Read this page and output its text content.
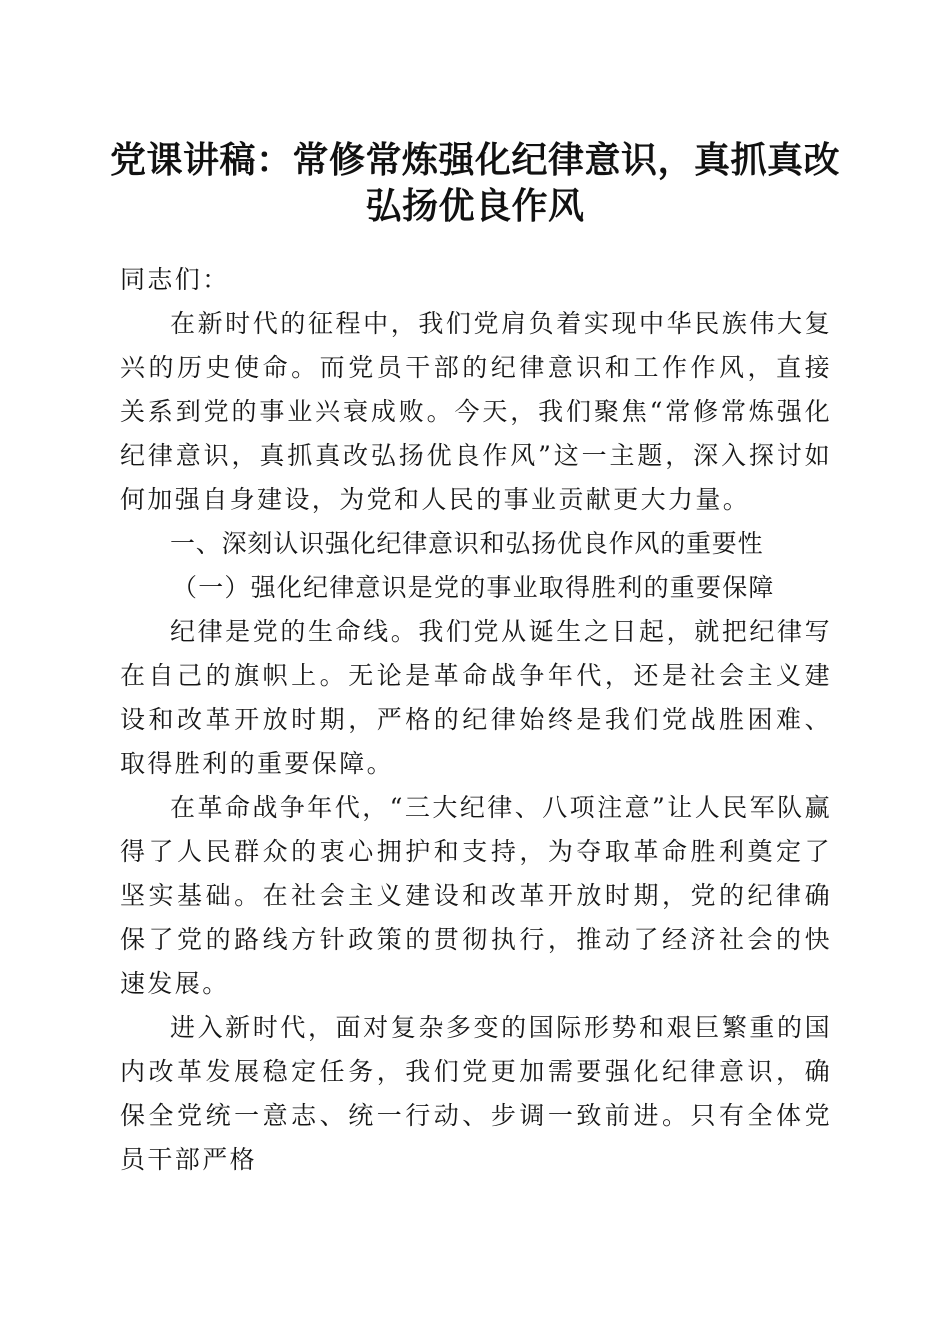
党课讲稿：常修常炼强化纪律意识，真抓真改
弘扬优良作风

同志们：

在新时代的征程中，我们党肩负着实现中华民族伟大复兴的历史使命。而党员干部的纪律意识和工作作风，直接关系到党的事业兴衰成败。今天，我们聚焦“常修常炼强化纪律意识，真抓真改弘扬优良作风”这一主题，深入探讨如何加强自身建设，为党和人民的事业贡献更大力量。

一、深刻认识强化纪律意识和弘扬优良作风的重要性

（一）强化纪律意识是党的事业取得胜利的重要保障

纪律是党的生命线。我们党从诞生之日起，就把纪律写在自己的旗帜上。无论是革命战争年代，还是社会主义建设和改革开放时期，严格的纪律始终是我们党战胜困难、取得胜利的重要保障。

在革命战争年代，“三大纪律、八项注意”让人民军队赢得了人民群众的衷心拥护和支持，为夺取革命胜利奠定了坚实基础。在社会主义建设和改革开放时期，党的纪律确保了党的路线方针政策的贯彻执行，推动了经济社会的快速发展。

进入新时代，面对复杂多变的国际形势和艰巨繁重的国内改革发展稳定任务，我们党更加需要强化纪律意识，确保全党统一意志、统一行动、步调一致前进。只有全体党员干部严格
